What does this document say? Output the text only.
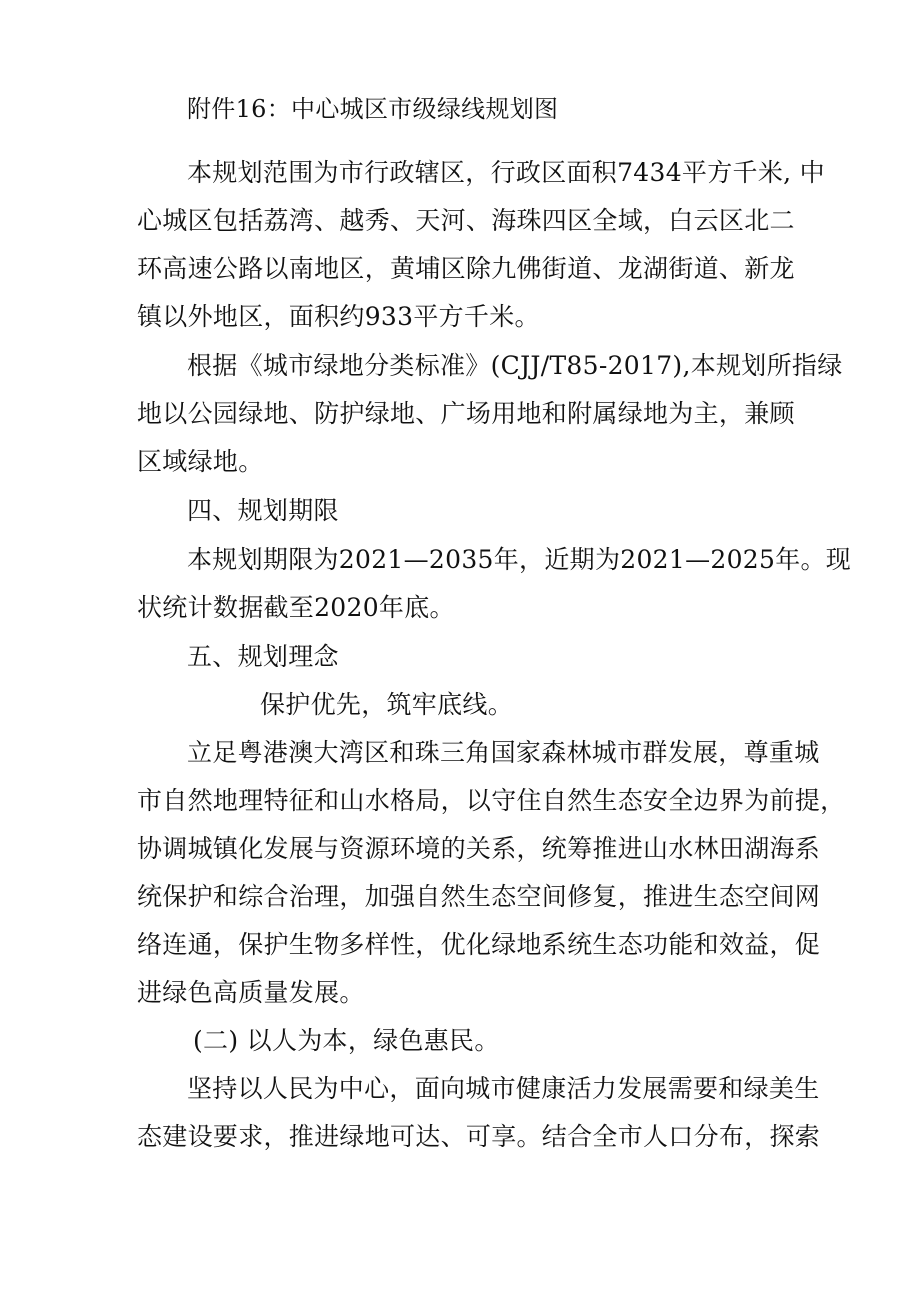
附件16：中心城区市级绿线规划图
本规划范围为市行政辖区，行政区面积7434平方千米, 中
心城区包括荔湾、越秀、天河、海珠四区全域，白云区北二
环高速公路以南地区，黄埔区除九佛街道、龙湖街道、新龙
镇以外地区，面积约933平方千米。
根据《城市绿地分类标准》(CJJ/T85-2017),本规划所指绿
地以公园绿地、防护绿地、广场用地和附属绿地为主，兼顾
区域绿地。
四、规划期限
本规划期限为2021—2035年，近期为2021—2025年。现
状统计数据截至2020年底。
五、规划理念
保护优先，筑牢底线。
立足粤港澳大湾区和珠三角国家森林城市群发展，尊重城
市自然地理特征和山水格局，以守住自然生态安全边界为前提，
协调城镇化发展与资源环境的关系，统筹推进山水林田湖海系
统保护和综合治理，加强自然生态空间修复，推进生态空间网
络连通，保护生物多样性，优化绿地系统生态功能和效益，促
进绿色高质量发展。
(二) 以人为本，绿色惠民。
坚持以人民为中心，面向城市健康活力发展需要和绿美生
态建设要求，推进绿地可达、可享。结合全市人口分布，探索
